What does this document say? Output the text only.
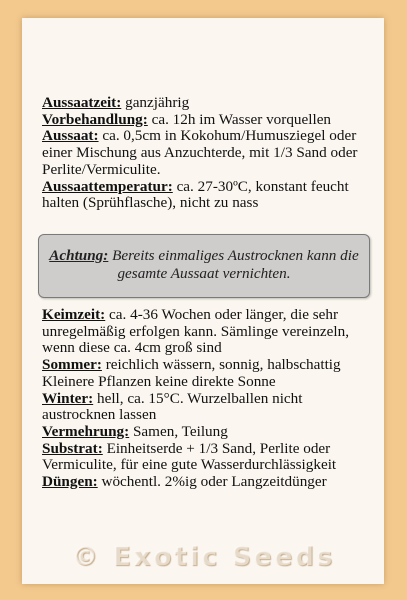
Aussaatzeit: ganzjährig
Vorbehandlung: ca. 12h im Wasser vorquellen
Aussaat: ca. 0,5cm in Kokohum/Humusziegel oder einer Mischung aus Anzuchterde, mit 1/3 Sand oder Perlite/Vermiculite.
Aussaattemperatur: ca. 27-30ºC, konstant feucht halten (Sprühflasche), nicht zu nass
Achtung: Bereits einmaliges Austrocknen kann die gesamte Aussaat vernichten.
Keimzeit: ca. 4-36 Wochen oder länger, die sehr unregelmäßig erfolgen kann. Sämlinge vereinzeln, wenn diese ca. 4cm groß sind
Sommer: reichlich wässern, sonnig, halbschattig Kleinere Pflanzen keine direkte Sonne
Winter: hell, ca. 15°C. Wurzelballen nicht austrocknen lassen
Vermehrung: Samen, Teilung
Substrat: Einheitserde + 1/3 Sand, Perlite oder Vermiculite, für eine gute Wasserdurchlässigkeit
Düngen: wöchentl. 2%ig oder Langzeitdünger
© Exotic Seeds
